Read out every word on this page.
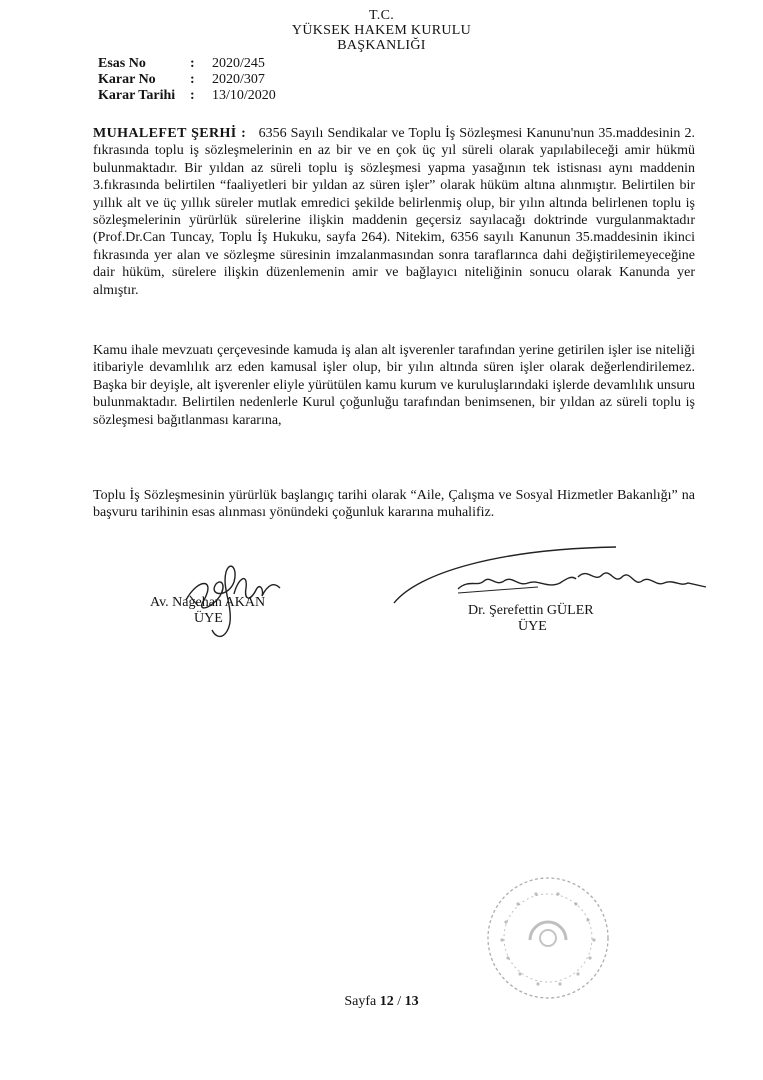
T.C.
YÜKSEK HAKEM KURULU
BAŞKANLIĞI
Esas No	:	2020/245
Karar No	:	2020/307
Karar Tarihi	:	13/10/2020
MUHALEFET ŞERHİ : 6356 Sayılı Sendikalar ve Toplu İş Sözleşmesi Kanunu'nun 35.maddesinin 2. fıkrasında toplu iş sözleşmelerinin en az bir ve en çok üç yıl süreli olarak yapılabileceği amir hükmü bulunmaktadır. Bir yıldan az süreli toplu iş sözleşmesi yapma yasağının tek istisnası aynı maddenin 3.fıkrasında belirtilen “faaliyetleri bir yıldan az süren işler” olarak hüküm altına alınmıştır. Belirtilen bir yıllık alt ve üç yıllık süreler mutlak emredici şekilde belirlenmiş olup, bir yılın altında belirlenen toplu iş sözleşmelerinin yürürlük sürelerine ilişkin maddenin geçersiz sayılacağı doktrinde vurgulanmaktadır (Prof.Dr.Can Tuncay, Toplu İş Hukuku, sayfa 264). Nitekim, 6356 sayılı Kanunun 35.maddesinin ikinci fıkrasında yer alan ve sözleşme süresinin imzalanmasından sonra taraflarınca dahi değiştirilemeyeceğine dair hüküm, sürelere ilişkin düzenlemenin amir ve bağlayıcı niteliğinin sonucu olarak Kanunda yer almıştır.
Kamu ihale mevzuatı çerçevesinde kamuda iş alan alt işverenler tarafından yerine getirilen işler ise niteliği itibariyle devamlılık arz eden kamusal işler olup, bir yılın altında süren işler olarak değerlendirilemez. Başka bir deyişle, alt işverenler eliyle yürütülen kamu kurum ve kuruluşlarındaki işlerde devamlılık unsuru bulunmaktadır. Belirtilen nedenlerle Kurul çoğunluğu tarafından benimsenen, bir yıldan az süreli toplu iş sözleşmesi bağıtlanması kararına,
Toplu İş Sözleşmesinin yürürlük başlangıç tarihi olarak “Aile, Çalışma ve Sosyal Hizmetler Bakanlığı” na başvuru tarihinin esas alınması yönündeki çoğunluk kararına muhalifiz.
Av. Nagehan AKAN
ÜYE
Dr. Şerefettin GÜLER
ÜYE
Sayfa 12 / 13
